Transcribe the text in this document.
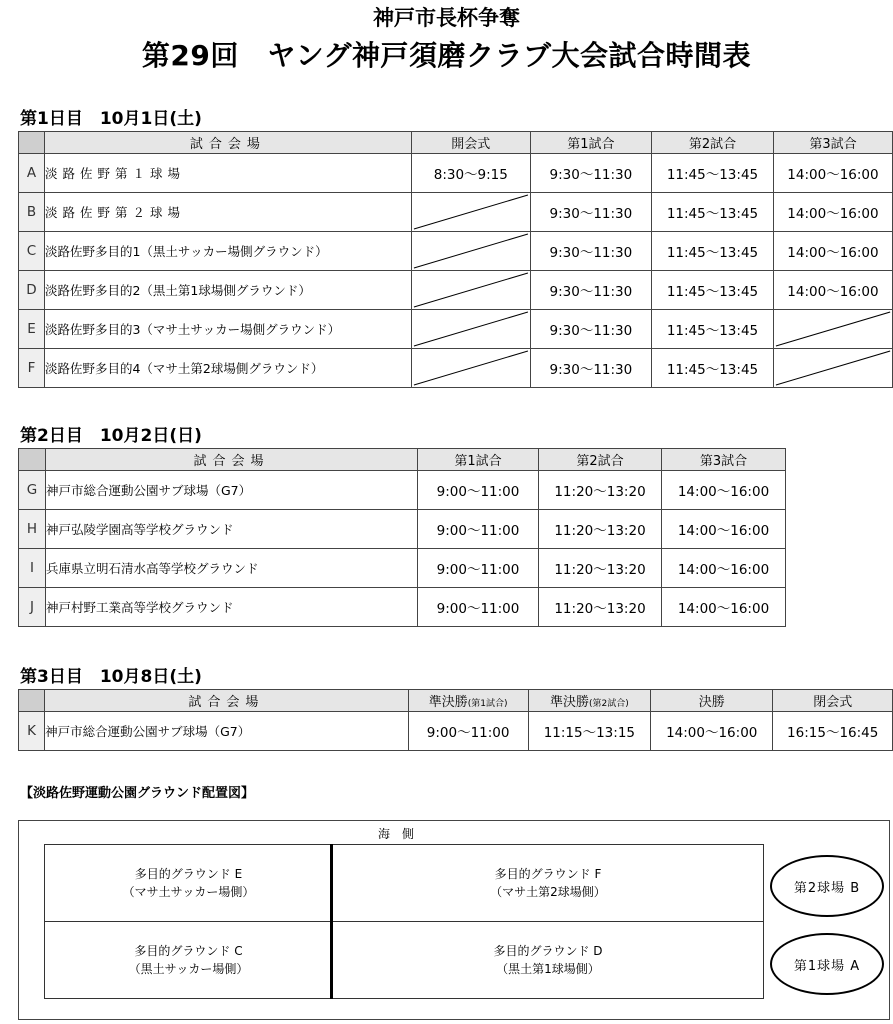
神戸市長杯争奪
第29回　ヤング神戸須磨クラブ大会試合時間表
第1日目　10月1日(土)
	試合会場	開会式	第1試合	第2試合	第3試合
A	淡路佐野第１球場	8:30～9:15	9:30～11:30	11:45～13:45	14:00～16:00
B	淡路佐野第２球場		9:30～11:30	11:45～13:45	14:00～16:00
C	淡路佐野多目的1（黒土サッカー場側グラウンド）		9:30～11:30	11:45～13:45	14:00～16:00
D	淡路佐野多目的2（黒土第1球場側グラウンド）		9:30～11:30	11:45～13:45	14:00～16:00
E	淡路佐野多目的3（マサ土サッカー場側グラウンド）		9:30～11:30	11:45～13:45	

F	淡路佐野多目的4（マサ土第2球場側グラウンド）		9:30～11:30	11:45～13:45	
第2日目　10月2日(日)
	試合会場	第1試合	第2試合	第3試合
G	神戸市総合運動公園サブ球場（G7）	9:00～11:00	11:20～13:20	14:00～16:00
H	神戸弘陵学園高等学校グラウンド	9:00～11:00	11:20～13:20	14:00～16:00
I	兵庫県立明石清水高等学校グラウンド	9:00～11:00	11:20～13:20	14:00～16:00
J	神戸村野工業高等学校グラウンド	9:00～11:00	11:20～13:20	14:00～16:00
第3日目　10月8日(土)
	試合会場	準決勝(第1試合)	準決勝(第2試合)	決勝	閉会式
K	神戸市総合運動公園サブ球場（G7）	9:00～11:00	11:15～13:15	14:00～16:00	16:15～16:45
【淡路佐野運動公園グラウンド配置図】
海側
多目的グラウンド E
（マサ土サッカー場側）
多目的グラウンド F
（マサ土第2球場側）
多目的グラウンド C
（黒土サッカー場側）
多目的グラウンド D
（黒土第1球場側）
第2球場 B
第1球場 A
